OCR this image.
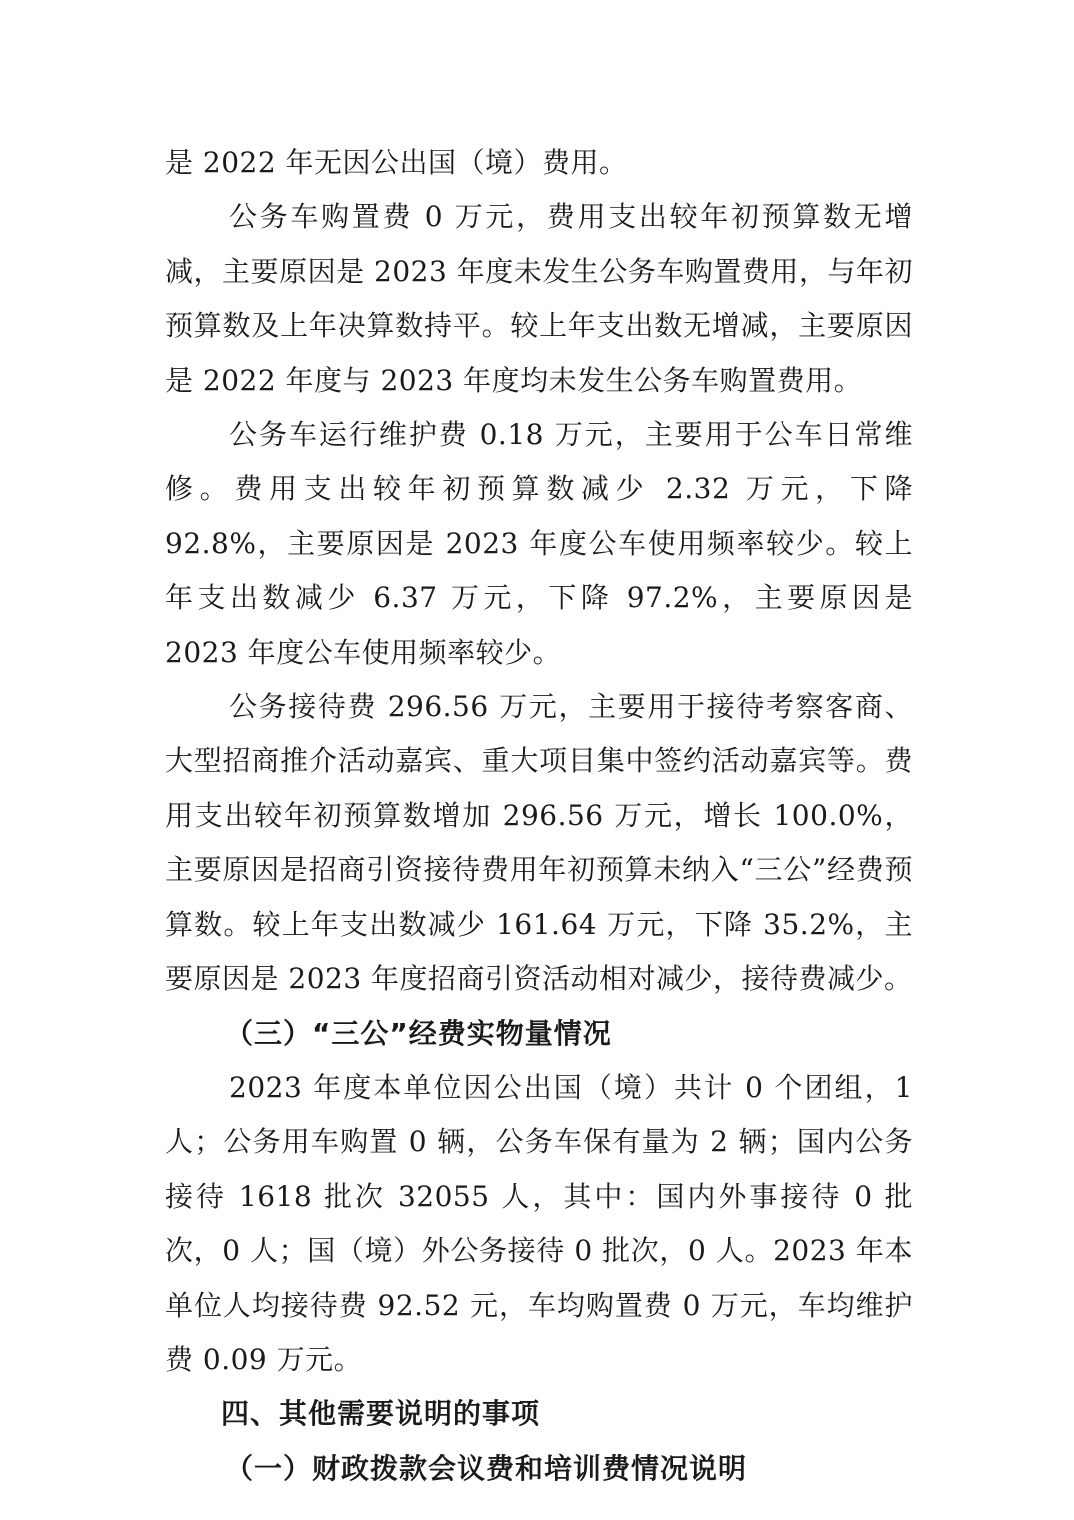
是 2022 年无因公出国（境）费用。

公务车购置费 0 万元，费用支出较年初预算数无增减，主要原因是 2023 年度未发生公务车购置费用，与年初预算数及上年决算数持平。较上年支出数无增减，主要原因是 2022 年度与 2023 年度均未发生公务车购置费用。

公务车运行维护费 0.18 万元，主要用于公车日常维修。费用支出较年初预算数减少 2.32 万元，下降 92.8%，主要原因是 2023 年度公车使用频率较少。较上年支出数减少 6.37 万元，下降 97.2%，主要原因是 2023 年度公车使用频率较少。

公务接待费 296.56 万元，主要用于接待考察客商、大型招商推介活动嘉宾、重大项目集中签约活动嘉宾等。费用支出较年初预算数增加 296.56 万元，增长 100.0%，主要原因是招商引资接待费用年初预算未纳入“三公”经费预算数。较上年支出数减少 161.64 万元，下降 35.2%，主要原因是 2023 年度招商引资活动相对减少，接待费减少。

（三）“三公”经费实物量情况

2023 年度本单位因公出国（境）共计 0 个团组，1 人；公务用车购置 0 辆，公务车保有量为 2 辆；国内公务接待 1618 批次 32055 人，其中：国内外事接待 0 批次，0 人；国（境）外公务接待 0 批次，0 人。2023 年本单位人均接待费 92.52 元，车均购置费 0 万元，车均维护费 0.09 万元。

四、其他需要说明的事项

（一）财政拨款会议费和培训费情况说明
